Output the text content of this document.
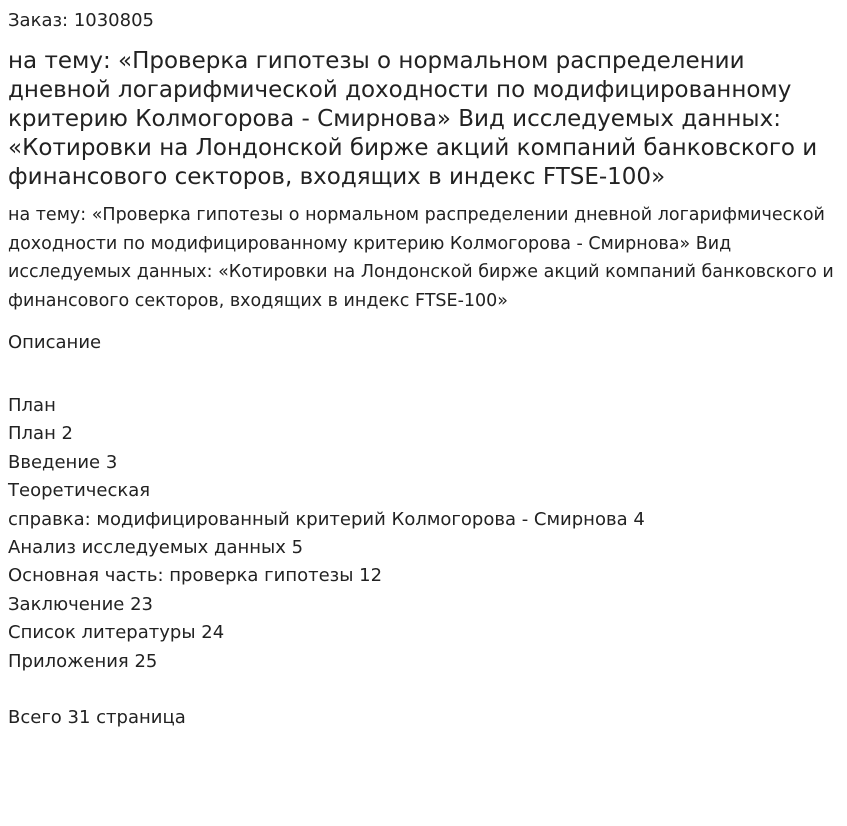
Заказ: 1030805

на тему: «Проверка гипотезы о нормальном распределении дневной логарифмической доходности по модифицированному критерию Колмогорова - Смирнова» Вид исследуемых данных: «Котировки на Лондонской бирже акций компаний банковского и финансового секторов, входящих в индекс FTSE-100»

на тему: «Проверка гипотезы о нормальном распределении дневной логарифмической доходности по модифицированному критерию Колмогорова - Смирнова» Вид исследуемых данных: «Котировки на Лондонской бирже акций компаний банковского и финансового секторов, входящих в индекс FTSE-100»

Описание
План
План 2
Введение 3
Теоретическая
справка: модифицированный критерий Колмогорова - Смирнова 4
Анализ исследуемых данных 5
Основная часть: проверка гипотезы 12
Заключение 23
Список литературы 24
Приложения 25

Всего 31 страница
